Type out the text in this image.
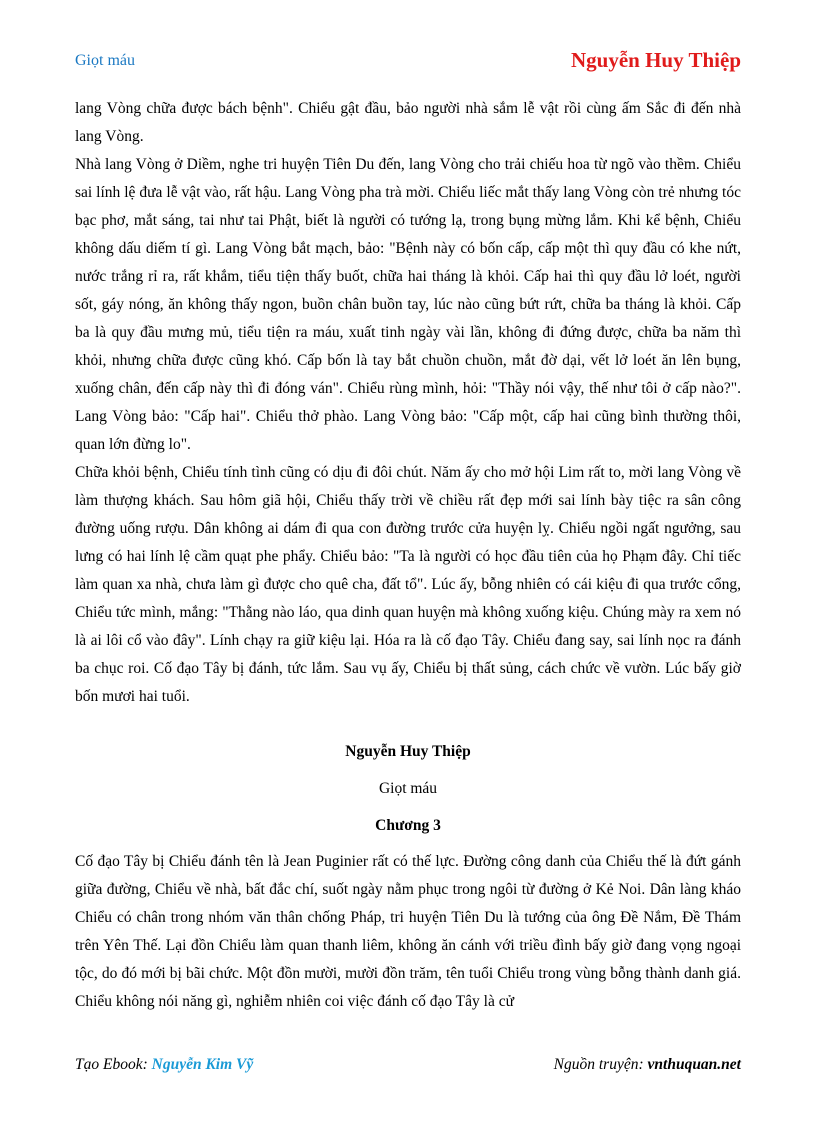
Giọt máu	Nguyễn Huy Thiệp

lang Vòng chữa được bách bệnh". Chiểu gật đầu, bảo người nhà sắm lễ vật rồi cùng ấm Sắc đi đến nhà lang Vòng.

Nhà lang Vòng ở Diềm, nghe tri huyện Tiên Du đến, lang Vòng cho trải chiếu hoa từ ngõ vào thềm. Chiểu sai lính lệ đưa lễ vật vào, rất hậu. Lang Vòng pha trà mời. Chiểu liếc mắt thấy lang Vòng còn trẻ nhưng tóc bạc phơ, mắt sáng, tai như tai Phật, biết là người có tướng lạ, trong bụng mừng lắm. Khi kể bệnh, Chiểu không dấu diếm tí gì. Lang Vòng bắt mạch, bảo: "Bệnh này có bốn cấp, cấp một thì quy đầu có khe nứt, nước trắng rỉ ra, rất khắm, tiểu tiện thấy buốt, chữa hai tháng là khỏi. Cấp hai thì quy đầu lở loét, người sốt, gáy nóng, ăn không thấy ngon, buồn chân buồn tay, lúc nào cũng bứt rứt, chữa ba tháng là khỏi. Cấp ba là quy đầu mưng mủ, tiểu tiện ra máu, xuất tinh ngày vài lần, không đi đứng được, chữa ba năm thì khỏi, nhưng chữa được cũng khó. Cấp bốn là tay bắt chuồn chuồn, mắt đờ dại, vết lở loét ăn lên bụng, xuống chân, đến cấp này thì đi đóng ván". Chiểu rùng mình, hỏi: "Thầy nói vậy, thế như tôi ở cấp nào?". Lang Vòng bảo: "Cấp hai". Chiểu thở phào. Lang Vòng bảo: "Cấp một, cấp hai cũng bình thường thôi, quan lớn đừng lo".

Chữa khỏi bệnh, Chiểu tính tình cũng có dịu đi đôi chút. Năm ấy cho mở hội Lim rất to, mời lang Vòng về làm thượng khách. Sau hôm giã hội, Chiểu thấy trời về chiều rất đẹp mới sai lính bày tiệc ra sân công đường uống rượu. Dân không ai dám đi qua con đường trước cửa huyện lỵ. Chiểu ngồi ngất ngưởng, sau lưng có hai lính lệ cầm quạt phe phẩy. Chiểu bảo: "Ta là người có học đầu tiên của họ Phạm đây. Chỉ tiếc làm quan xa nhà, chưa làm gì được cho quê cha, đất tổ". Lúc ấy, bỗng nhiên có cái kiệu đi qua trước cổng, Chiểu tức mình, mắng: "Thằng nào láo, qua dinh quan huyện mà không xuống kiệu. Chúng mày ra xem nó là ai lôi cổ vào đây". Lính chạy ra giữ kiệu lại. Hóa ra là cố đạo Tây. Chiểu đang say, sai lính nọc ra đánh ba chục roi. Cố đạo Tây bị đánh, tức lắm. Sau vụ ấy, Chiểu bị thất sủng, cách chức về vườn. Lúc bấy giờ bốn mươi hai tuổi.

Nguyễn Huy Thiệp
Giọt máu
Chương 3

Cố đạo Tây bị Chiểu đánh tên là Jean Puginier rất có thế lực. Đường công danh của Chiểu thế là đứt gánh giữa đường, Chiểu về nhà, bất đắc chí, suốt ngày nằm phục trong ngôi từ đường ở Kẻ Noi. Dân làng kháo Chiểu có chân trong nhóm văn thân chống Pháp, tri huyện Tiên Du là tướng của ông Đề Nắm, Đề Thám trên Yên Thế. Lại đồn Chiểu làm quan thanh liêm, không ăn cánh với triều đình bấy giờ đang vọng ngoại tộc, do đó mới bị bãi chức. Một đồn mười, mười đồn trăm, tên tuổi Chiểu trong vùng bỗng thành danh giá. Chiểu không nói năng gì, nghiễm nhiên coi việc đánh cố đạo Tây là cử

Tạo Ebook: Nguyễn Kim Vỹ	Nguồn truyện: vnthuquan.net
